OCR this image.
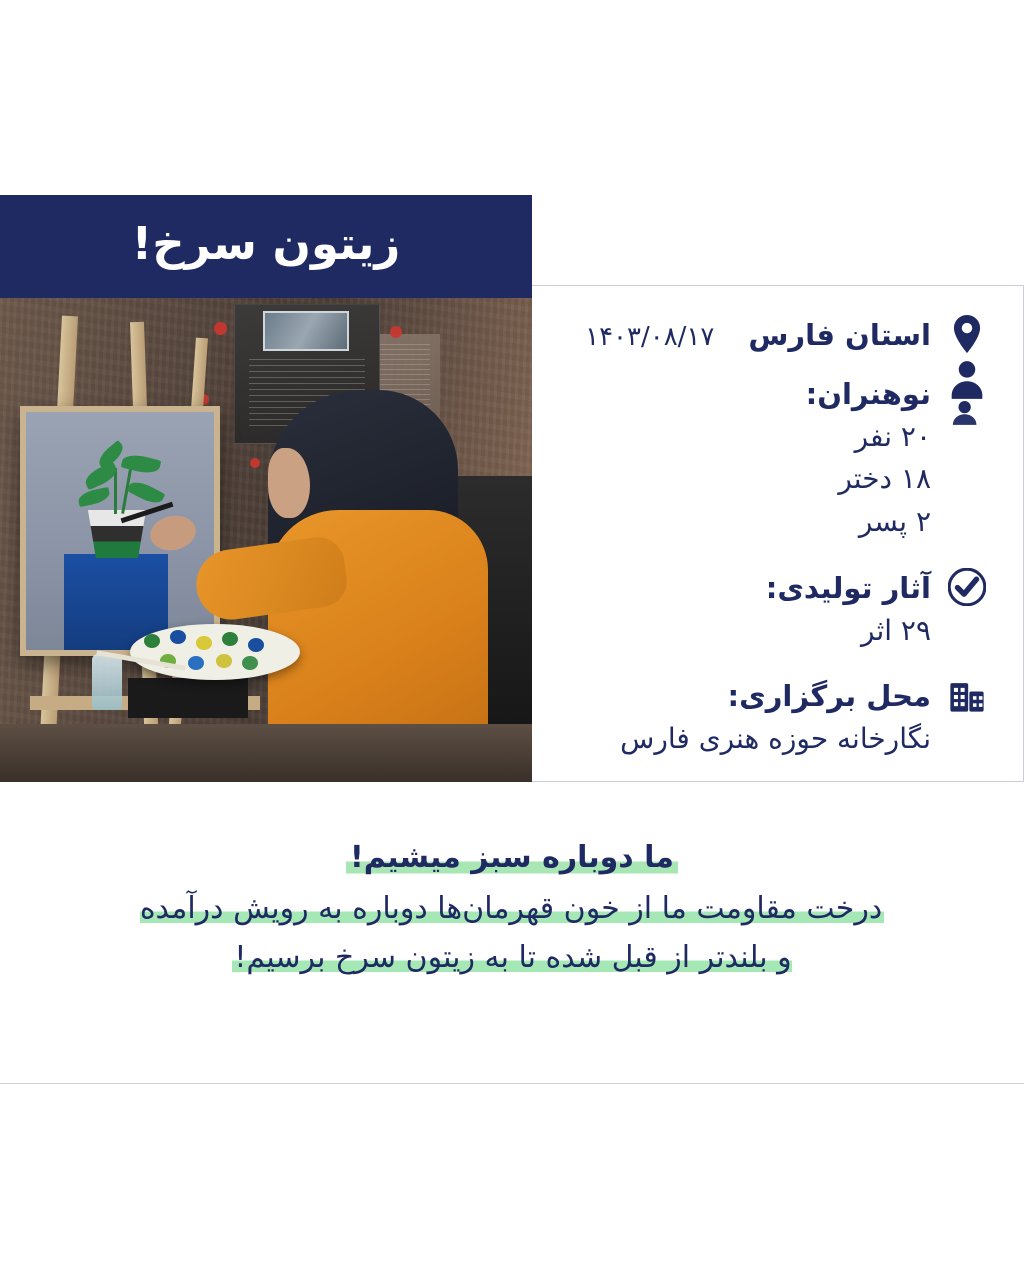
زیتون سرخ!
استان فارس
۱۴۰۳/۰۸/۱۷
نوهنران:
۲۰ نفر
۱۸ دختر
۲ پسر
آثار تولیدی:
۲۹ اثر
محل برگزاری:
نگارخانه حوزه هنری فارس
ما دوباره سبز میشیم!
درخت مقاومت ما از خون قهرمان‌ها دوباره به رویش درآمده و بلندتر از قبل شده تا به زیتون سرخ برسیم!
